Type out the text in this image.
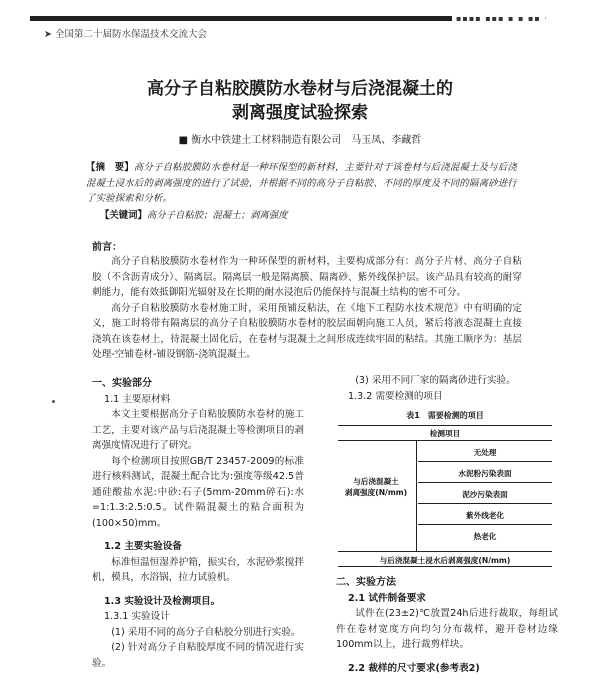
▪▪▪▪ ▪▪▪ ▪ ▪ ▪▪ ·
➤ 全国第二十届防水保温技术交流大会
高分子自粘胶膜防水卷材与后浇混凝土的
剥离强度试验探索
■ 衡水中铁建土工材料制造有限公司　马玉凤、李藏哲
【摘　要】高分子自粘胶膜防水卷材是一种环保型的新材料，主要针对于该卷材与后浇混凝土及与后浇混凝土浸水后的剥离强度的进行了试验，并根据不同的高分子自粘胶、不同的厚度及不同的隔离砂进行了实验探索和分析。
【关键词】高分子自粘胶；混凝土；剥离强度
前言：

高分子自粘胶膜防水卷材作为一种环保型的新材料，主要构成部分有：高分子片材、高分子自粘胶（不含沥青成分）、隔离层。隔离层一般是隔离膜、隔离砂、紫外线保护层。该产品具有较高的耐穿刺能力，能有效抵御阳光辐射及在长期的耐水浸泡后仍能保持与混凝土结构的密不可分。

高分子自粘胶膜防水卷材施工时，采用预铺反粘法，在《地下工程防水技术规范》中有明确的定义，施工时将带有隔离层的高分子自粘胶膜防水卷材的胶层面朝向施工人员，紧后将液态混凝土直接浇筑在该卷材上，待混凝土固化后，在卷材与混凝土之间形成连续牢固的粘结。其施工顺序为：基层处理-空铺卷材-铺设钢筋-浇筑混凝土。

一、实验部分
1.1 主要原材料
本文主要根据高分子自粘胶膜防水卷材的施工工艺，主要对该产品与后浇混凝土等检测项目的剥离强度情况进行了研究。
每个检测项目按照GB/T 23457-2009的标准进行核料测试，混凝土配合比为:强度等级42.5普通硅酸盐水泥:中砂:石子(5mm-20mm碎石):水=1:1.3:2.5:0.5。试件隔混凝土的粘合面积为(100×50)mm。
1.2 主要实验设备
标准恒温恒湿养护箱，振实台，水泥砂浆搅拌机，模具，水浴锅，拉力试验机。
1.3 实验设计及检测项目。
1.3.1 实验设计
(1) 采用不同的高分子自粘胶分别进行实验。
(2) 针对高分子自粘胶厚度不同的情况进行实验。
(3) 采用不同厂家的隔离砂进行实验。
1.3.2 需要检测的项目
表1　需要检测的项目
检测项目
与后浇混凝土
剥离强度(N/mm)
无处理
水泥粉污染表面
泥沙污染表面
紫外线老化
热老化
与后浇混凝土浸水后剥离强度(N/mm)
二、实验方法
2.1 试件制备要求
试件在(23±2)℃放置24h后进行裁取，每组试件在卷材宽度方向均匀分布裁样，避开卷材边缘100mm以上，进行裁剪样块。
2.2 裁样的尺寸要求(参考表2)
